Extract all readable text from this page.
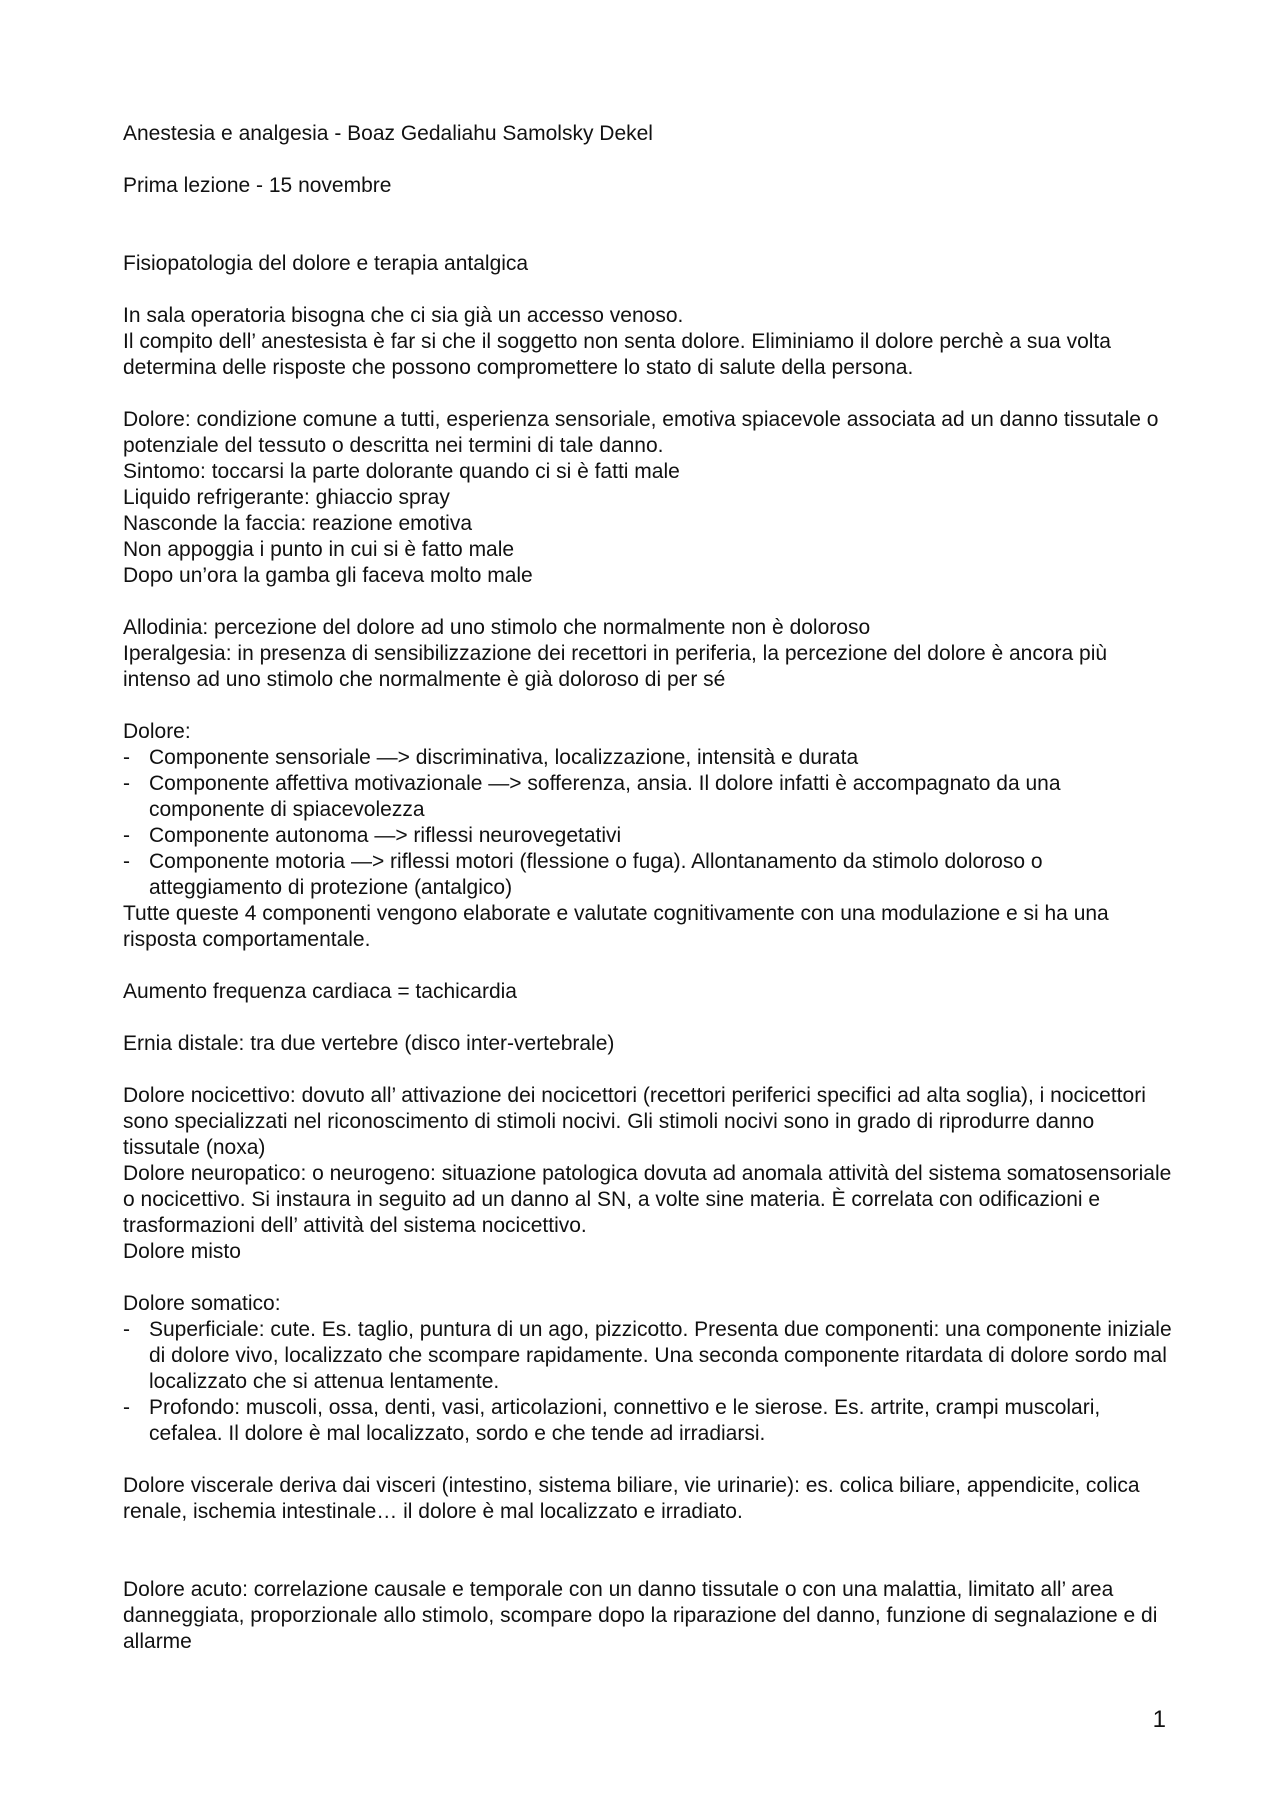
Anestesia e analgesia - Boaz Gedaliahu Samolsky Dekel

Prima lezione - 15 novembre

Fisiopatologia del dolore e terapia antalgica

In sala operatoria bisogna che ci sia già un accesso venoso.

Il compito dell’ anestesista è far si che il soggetto non senta dolore. Eliminiamo il dolore perchè a sua volta determina delle risposte che possono compromettere lo stato di salute della persona.

Dolore: condizione comune a tutti, esperienza sensoriale, emotiva spiacevole associata ad un danno tissutale o potenziale del tessuto o descritta nei termini di tale danno.

Sintomo: toccarsi la parte dolorante quando ci si è fatti male

Liquido refrigerante: ghiaccio spray

Nasconde la faccia: reazione emotiva

Non appoggia i punto in cui si è fatto male

Dopo un’ora la gamba gli faceva molto male

Allodinia: percezione del dolore ad uno stimolo che normalmente non è doloroso

Iperalgesia: in presenza di sensibilizzazione dei recettori in periferia, la percezione del dolore è ancora più intenso ad uno stimolo che normalmente è già doloroso di per sé

Dolore:

- Componente sensoriale —> discriminativa, localizzazione, intensità e durata
- Componente affettiva motivazionale —> sofferenza, ansia. Il dolore infatti è accompagnato da una componente di spiacevolezza
- Componente autonoma —> riflessi neurovegetativi
- Componente motoria —> riflessi motori (flessione o fuga). Allontanamento da stimolo doloroso o atteggiamento di protezione (antalgico)

Tutte queste 4 componenti vengono elaborate e valutate cognitivamente con una modulazione e si ha una risposta comportamentale.

Aumento frequenza cardiaca = tachicardia

Ernia distale: tra due vertebre (disco inter-vertebrale)

Dolore nocicettivo: dovuto all’ attivazione dei nocicettori (recettori periferici specifici ad alta soglia), i nocicettori sono specializzati nel riconoscimento di stimoli nocivi. Gli stimoli nocivi sono in grado di riprodurre danno tissutale (noxa)

Dolore neuropatico: o neurogeno: situazione patologica dovuta ad anomala attività del sistema somatosensoriale o nocicettivo. Si instaura in seguito ad un danno al SN, a volte sine materia. È correlata con odificazioni e trasformazioni dell’ attività del sistema nocicettivo.

Dolore misto

Dolore somatico:

- Superficiale: cute. Es. taglio, puntura di un ago, pizzicotto. Presenta due componenti: una componente iniziale di dolore vivo, localizzato che scompare rapidamente. Una seconda componente ritardata di dolore sordo mal localizzato che si attenua lentamente.
- Profondo: muscoli, ossa, denti, vasi, articolazioni, connettivo e le sierose. Es. artrite, crampi muscolari, cefalea. Il dolore è mal localizzato, sordo e che tende ad irradiarsi.

Dolore viscerale deriva dai visceri (intestino, sistema biliare, vie urinarie): es. colica biliare, appendicite, colica renale, ischemia intestinale… il dolore è mal localizzato e irradiato.

Dolore acuto: correlazione causale e temporale con un danno tissutale o con una malattia, limitato all’ area danneggiata, proporzionale allo stimolo, scompare dopo la riparazione del danno, funzione di segnalazione e di allarme

1
